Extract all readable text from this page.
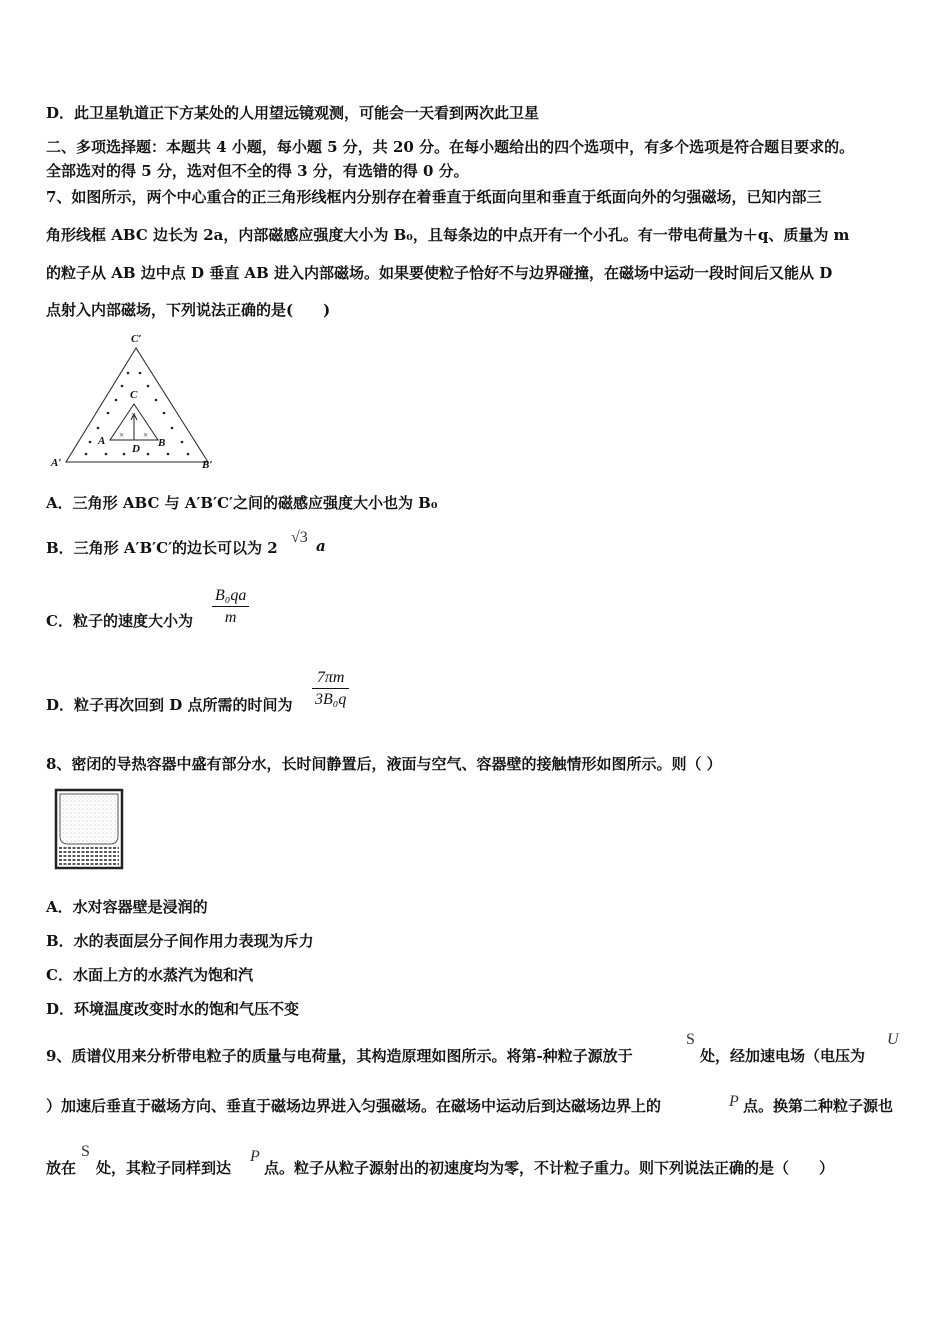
D．此卫星轨道正下方某处的人用望远镜观测，可能会一天看到两次此卫星
二、多项选择题：本题共 4 小题，每小题 5 分，共 20 分。在每小题给出的四个选项中，有多个选项是符合题目要求的。
全部选对的得 5 分，选对但不全的得 3 分，有选错的得 0 分。
7、如图所示，两个中心重合的正三角形线框内分别存在着垂直于纸面向里和垂直于纸面向外的匀强磁场，已知内部三
角形线框 ABC 边长为 2a，内部磁感应强度大小为 B₀，且每条边的中点开有一个小孔。有一带电荷量为＋q、质量为 m
的粒子从 AB 边中点 D 垂直 AB 进入内部磁场。如果要使粒子恰好不与边界碰撞，在磁场中运动一段时间后又能从 D
点射入内部磁场，下列说法正确的是(　　)
×
× ×
C′
A′	B′
C
A	B
D
A．三角形 ABC 与 A′B′C′之间的磁感应强度大小也为 B₀
B．三角形 A′B′C′的边长可以为 2
√3 a
C．粒子的速度大小为 $\frac{\text{B₀qa}}{m}$
D．粒子再次回到 D 点所需的时间为 $\frac{7\pi m}{\text{3B₀q}}$
8、密闭的导热容器中盛有部分水，长时间静置后，液面与空气、容器壁的接触情形如图所示。则（ ）
A．水对容器壁是浸润的
B．水的表面层分子间作用力表现为斥力
C．水面上方的水蒸汽为饱和汽
D．环境温度改变时水的饱和气压不变
9、质谱仪用来分析带电粒子的质量与电荷量，其构造原理如图所示。将第-种粒子源放于
S
处，经加速电场（电压为
U
）加速后垂直于磁场方向、垂直于磁场边界进入匀强磁场。在磁场中运动后到达磁场边界上的	P 点。换第二种粒子源也
放在
S
处，其粒子同样到达
P
点。粒子从粒子源射出的初速度均为零，不计粒子重力。则下列说法正确的是（　　）
